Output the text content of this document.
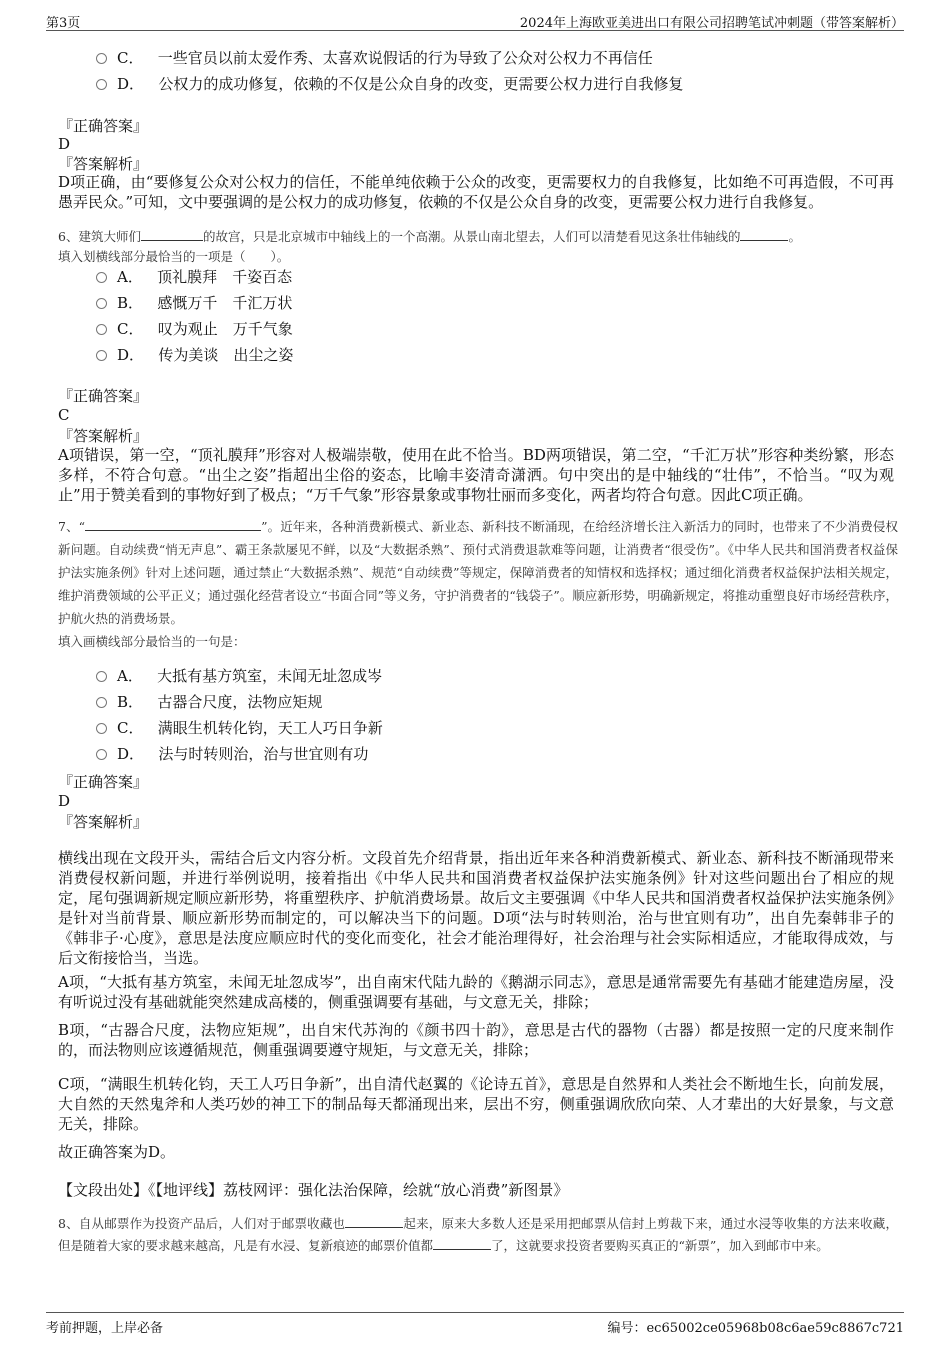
第3页	2024年上海欧亚美进出口有限公司招聘笔试冲刺题（带答案解析）
C． 一些官员以前太爱作秀、太喜欢说假话的行为导致了公众对公权力不再信任
D． 公权力的成功修复，依赖的不仅是公众自身的改变，更需要公权力进行自我修复
『正确答案』
D
『答案解析』
D项正确，由“要修复公众对公权力的信任，不能单纯依赖于公众的改变，更需要权力的自我修复，比如绝不可再造假，不可再愚弄民众。”可知，文中要强调的是公权力的成功修复，依赖的不仅是公众自身的改变，更需要公权力进行自我修复。
6、建筑大师们	的故宫，只是北京城市中轴线上的一个高潮。从景山南北望去，人们可以清楚看见这条壮伟轴线的	。
填入划横线部分最恰当的一项是（　　）。
A． 顶礼膜拜　千姿百态
B． 感慨万千　千汇万状
C． 叹为观止　万千气象
D． 传为美谈　出尘之姿
『正确答案』
C
『答案解析』
A项错误，第一空，“顶礼膜拜”形容对人极端崇敬，使用在此不恰当。BD两项错误，第二空，“千汇万状”形容种类纷繁，形态多样，不符合句意。“出尘之姿”指超出尘俗的姿态，比喻丰姿清奇潇洒。句中突出的是中轴线的“壮伟”，不恰当。“叹为观止”用于赞美看到的事物好到了极点；“万千气象”形容景象或事物壮丽而多变化，两者均符合句意。因此C项正确。
7、“	”。近年来，各种消费新模式、新业态、新科技不断涌现，在给经济增长注入新活力的同时，也带来了不少消费侵权新问题。自动续费“悄无声息”、霸王条款屡见不鲜，以及“大数据杀熟”、预付式消费退款难等问题，让消费者“很受伤”。《中华人民共和国消费者权益保护法实施条例》针对上述问题，通过禁止“大数据杀熟”、规范“自动续费”等规定，保障消费者的知情权和选择权；通过细化消费者权益保护法相关规定，维护消费领域的公平正义；通过强化经营者设立“书面合同”等义务，守护消费者的“钱袋子”。顺应新形势，明确新规定，将推动重塑良好市场经营秩序，护航火热的消费场景。
填入画横线部分最恰当的一句是：
A． 大抵有基方筑室，未闻无址忽成岑
B． 古器合尺度，法物应矩规
C． 满眼生机转化钧，天工人巧日争新
D． 法与时转则治，治与世宜则有功
『正确答案』
D
『答案解析』
横线出现在文段开头，需结合后文内容分析。文段首先介绍背景，指出近年来各种消费新模式、新业态、新科技不断涌现带来消费侵权新问题，并进行举例说明，接着指出《中华人民共和国消费者权益保护法实施条例》针对这些问题出台了相应的规定，尾句强调新规定顺应新形势，将重塑秩序、护航消费场景。故后文主要强调《中华人民共和国消费者权益保护法实施条例》是针对当前背景、顺应新形势而制定的，可以解决当下的问题。D项“法与时转则治，治与世宜则有功”，出自先秦韩非子的《韩非子·心度》，意思是法度应顺应时代的变化而变化，社会才能治理得好，社会治理与社会实际相适应，才能取得成效，与后文衔接恰当，当选。
A项，“大抵有基方筑室，未闻无址忽成岑”，出自南宋代陆九龄的《鹅湖示同志》，意思是通常需要先有基础才能建造房屋，没有听说过没有基础就能突然建成高楼的，侧重强调要有基础，与文意无关，排除；
B项，“古器合尺度，法物应矩规”，出自宋代苏洵的《颜书四十韵》，意思是古代的器物（古器）都是按照一定的尺度来制作的，而法物则应该遵循规范，侧重强调要遵守规矩，与文意无关，排除；
C项，“满眼生机转化钧，天工人巧日争新”，出自清代赵翼的《论诗五首》，意思是自然界和人类社会不断地生长，向前发展，大自然的天然鬼斧和人类巧妙的神工下的制品每天都涌现出来，层出不穷，侧重强调欣欣向荣、人才辈出的大好景象，与文意无关，排除。
故正确答案为D。
【文段出处】《【地评线】荔枝网评：强化法治保障，绘就“放心消费”新图景》
8、自从邮票作为投资产品后，人们对于邮票收藏也	起来，原来大多数人还是采用把邮票从信封上剪裁下来，通过水浸等收集的方法来收藏，但是随着大家的要求越来越高，凡是有水浸、复新痕迹的邮票价值都	了，这就要求投资者要购买真正的“新票”，加入到邮市中来。
考前押题，上岸必备	编号：ec65002ce05968b08c6ae59c8867c721
